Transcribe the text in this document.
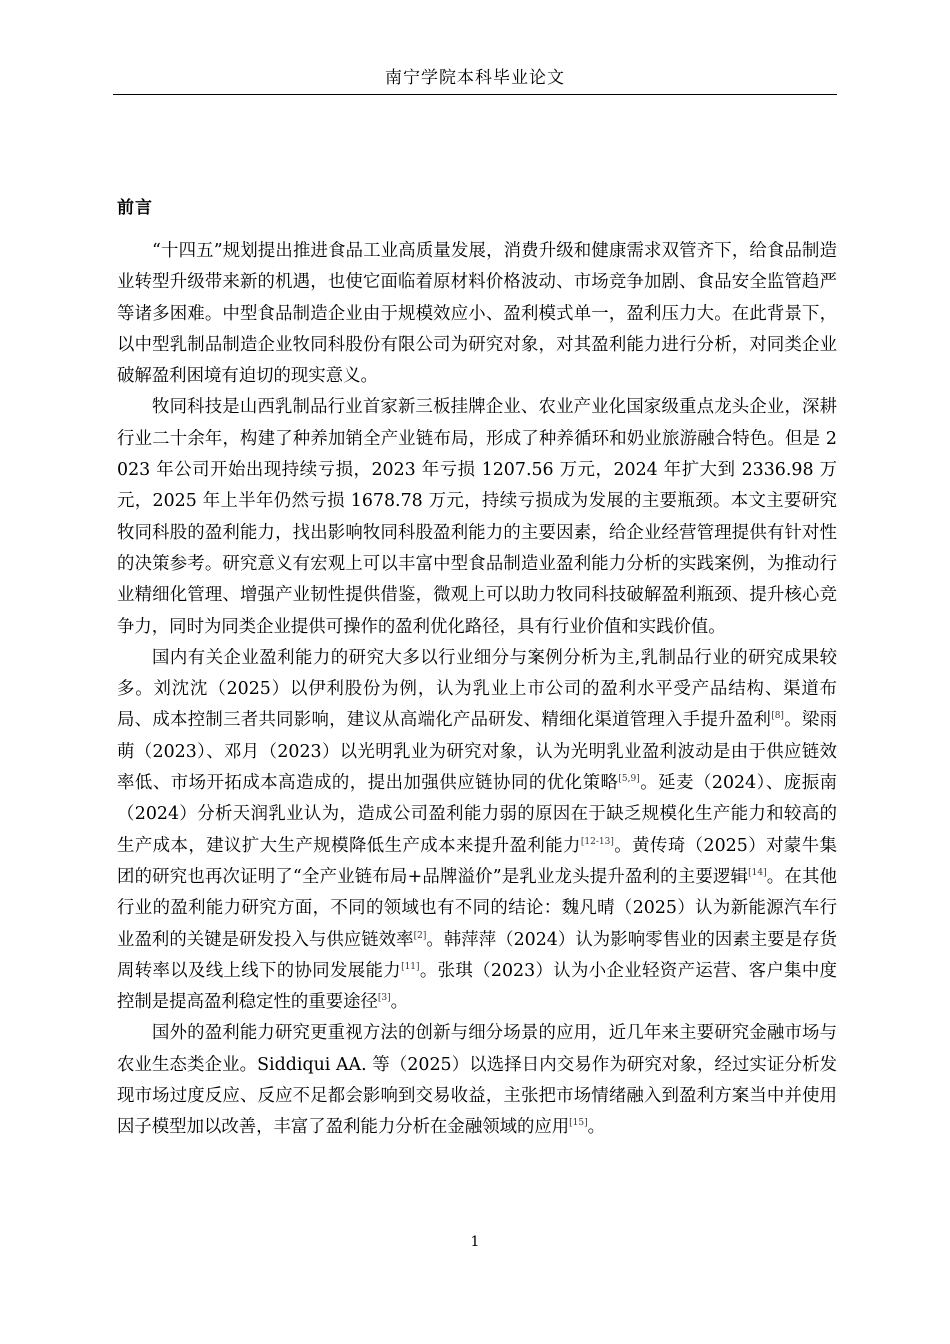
南宁学院本科毕业论文
前言

“十四五”规划提出推进食品工业高质量发展，消费升级和健康需求双管齐下，给食品制造业转型升级带来新的机遇，也使它面临着原材料价格波动、市场竞争加剧、食品安全监管趋严等诸多困难。中型食品制造企业由于规模效应小、盈利模式单一，盈利压力大。在此背景下，以中型乳制品制造企业牧同科股份有限公司为研究对象，对其盈利能力进行分析，对同类企业破解盈利困境有迫切的现实意义。

牧同科技是山西乳制品行业首家新三板挂牌企业、农业产业化国家级重点龙头企业，深耕行业二十余年，构建了种养加销全产业链布局，形成了种养循环和奶业旅游融合特色。但是 2023 年公司开始出现持续亏损，2023 年亏损 1207.56 万元，2024 年扩大到 2336.98 万元，2025 年上半年仍然亏损 1678.78 万元，持续亏损成为发展的主要瓶颈。本文主要研究牧同科股的盈利能力，找出影响牧同科股盈利能力的主要因素，给企业经营管理提供有针对性的决策参考。研究意义有宏观上可以丰富中型食品制造业盈利能力分析的实践案例，为推动行业精细化管理、增强产业韧性提供借鉴，微观上可以助力牧同科技破解盈利瓶颈、提升核心竞争力，同时为同类企业提供可操作的盈利优化路径，具有行业价值和实践价值。

国内有关企业盈利能力的研究大多以行业细分与案例分析为主,乳制品行业的研究成果较多。刘沈沈（2025）以伊利股份为例，认为乳业上市公司的盈利水平受产品结构、渠道布局、成本控制三者共同影响，建议从高端化产品研发、精细化渠道管理入手提升盈利[8]。梁雨萌（2023）、邓月（2023）以光明乳业为研究对象，认为光明乳业盈利波动是由于供应链效率低、市场开拓成本高造成的，提出加强供应链协同的优化策略[5,9]。延麦（2024）、庞振南（2024）分析天润乳业认为，造成公司盈利能力弱的原因在于缺乏规模化生产能力和较高的生产成本，建议扩大生产规模降低生产成本来提升盈利能力[12-13]。黄传琦（2025）对蒙牛集团的研究也再次证明了“全产业链布局+品牌溢价”是乳业龙头提升盈利的主要逻辑[14]。在其他行业的盈利能力研究方面，不同的领域也有不同的结论：魏凡晴（2025）认为新能源汽车行业盈利的关键是研发投入与供应链效率[2]。韩萍萍（2024）认为影响零售业的因素主要是存货周转率以及线上线下的协同发展能力[11]。张琪（2023）认为小企业轻资产运营、客户集中度控制是提高盈利稳定性的重要途径[3]。

国外的盈利能力研究更重视方法的创新与细分场景的应用，近几年来主要研究金融市场与农业生态类企业。Siddiqui AA. 等（2025）以选择日内交易作为研究对象，经过实证分析发现市场过度反应、反应不足都会影响到交易收益，主张把市场情绪融入到盈利方案当中并使用因子模型加以改善，丰富了盈利能力分析在金融领域的应用[15]。

1
